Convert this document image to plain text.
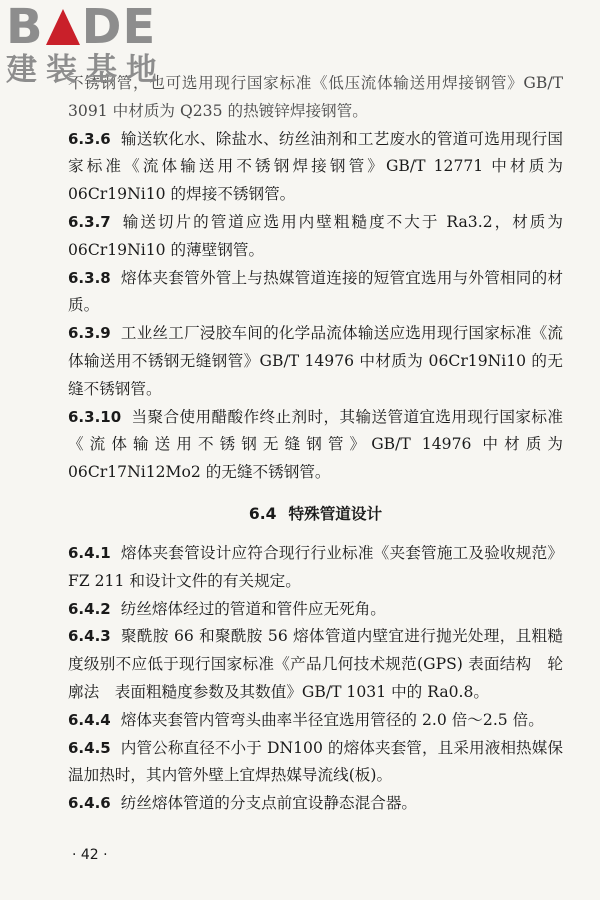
B DE
建装基地

不锈钢管，也可选用现行国家标准《低压流体输送用焊接钢管》GB/T 3091 中材质为 Q235 的热镀锌焊接钢管。

6.3.6 输送软化水、除盐水、纺丝油剂和工艺废水的管道可选用现行国家标准《流体输送用不锈钢焊接钢管》GB/T 12771 中材质为 06Cr19Ni10 的焊接不锈钢管。

6.3.7 输送切片的管道应选用内壁粗糙度不大于 Ra3.2，材质为 06Cr19Ni10 的薄壁钢管。

6.3.8 熔体夹套管外管上与热媒管道连接的短管宜选用与外管相同的材质。

6.3.9 工业丝工厂浸胶车间的化学品流体输送应选用现行国家标准《流体输送用不锈钢无缝钢管》GB/T 14976 中材质为 06Cr19Ni10 的无缝不锈钢管。

6.3.10 当聚合使用醋酸作终止剂时，其输送管道宜选用现行国家标准《流体输送用不锈钢无缝钢管》GB/T 14976 中材质为 06Cr17Ni12Mo2 的无缝不锈钢管。

6.4 特殊管道设计

6.4.1 熔体夹套管设计应符合现行行业标准《夹套管施工及验收规范》FZ 211 和设计文件的有关规定。

6.4.2 纺丝熔体经过的管道和管件应无死角。

6.4.3 聚酰胺 66 和聚酰胺 56 熔体管道内壁宜进行抛光处理，且粗糙度级别不应低于现行国家标准《产品几何技术规范(GPS) 表面结构　轮廓法　表面粗糙度参数及其数值》GB/T 1031 中的 Ra0.8。

6.4.4 熔体夹套管内管弯头曲率半径宜选用管径的 2.0 倍～2.5 倍。

6.4.5 内管公称直径不小于 DN100 的熔体夹套管，且采用液相热媒保温加热时，其内管外壁上宜焊热媒导流线(板)。

6.4.6 纺丝熔体管道的分支点前宜设静态混合器。

· 42 ·
